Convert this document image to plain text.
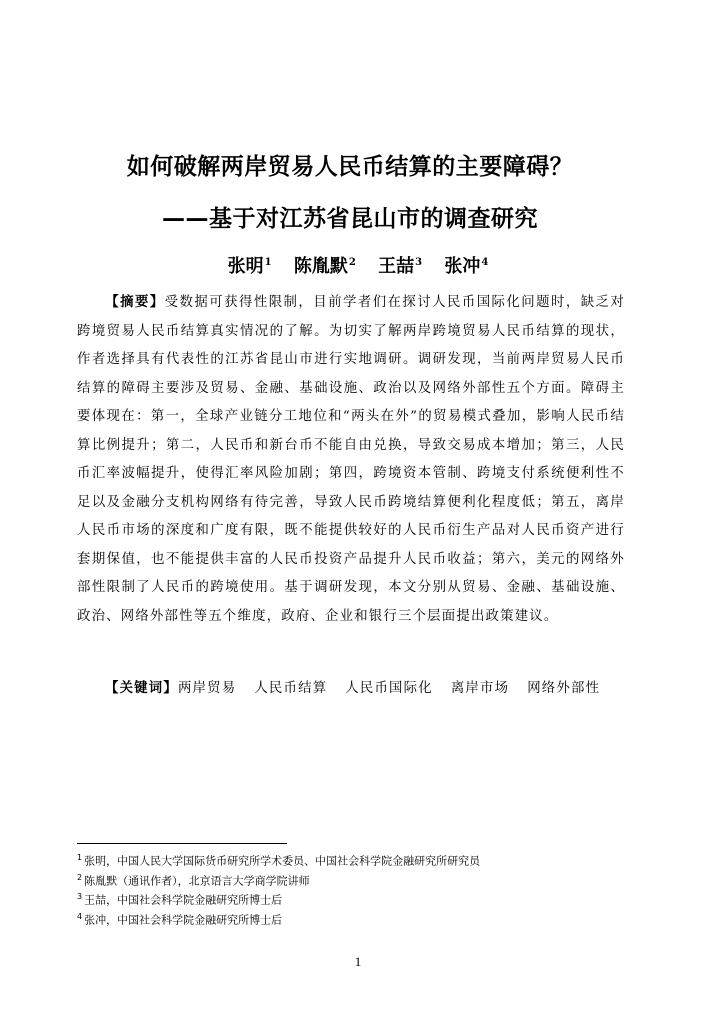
如何破解两岸贸易人民币结算的主要障碍？
——基于对江苏省昆山市的调查研究
张明$^1$ 陈胤默$^2$ 王喆$^3$ 张冲$^4$
【摘要】受数据可获得性限制，目前学者们在探讨人民币国际化问题时，缺乏对跨境贸易人民币结算真实情况的了解。为切实了解两岸跨境贸易人民币结算的现状，作者选择具有代表性的江苏省昆山市进行实地调研。调研发现，当前两岸贸易人民币结算的障碍主要涉及贸易、金融、基础设施、政治以及网络外部性五个方面。障碍主要体现在：第一，全球产业链分工地位和“两头在外”的贸易模式叠加，影响人民币结算比例提升；第二，人民币和新台币不能自由兑换，导致交易成本增加；第三，人民币汇率波幅提升，使得汇率风险加剧；第四，跨境资本管制、跨境支付系统便利性不足以及金融分支机构网络有待完善，导致人民币跨境结算便利化程度低；第五，离岸人民币市场的深度和广度有限，既不能提供较好的人民币衍生产品对人民币资产进行套期保值，也不能提供丰富的人民币投资产品提升人民币收益；第六，美元的网络外部性限制了人民币的跨境使用。基于调研发现，本文分别从贸易、金融、基础设施、政治、网络外部性等五个维度，政府、企业和银行三个层面提出政策建议。
【关键词】两岸贸易 人民币结算 人民币国际化 离岸市场 网络外部性
$^1$ 张明，中国人民大学国际货币研究所学术委员、中国社会科学院金融研究所研究员
$^2$ 陈胤默（通讯作者），北京语言大学商学院讲师
$^3$ 王喆，中国社会科学院金融研究所博士后
$^4$ 张冲，中国社会科学院金融研究所博士后
1
